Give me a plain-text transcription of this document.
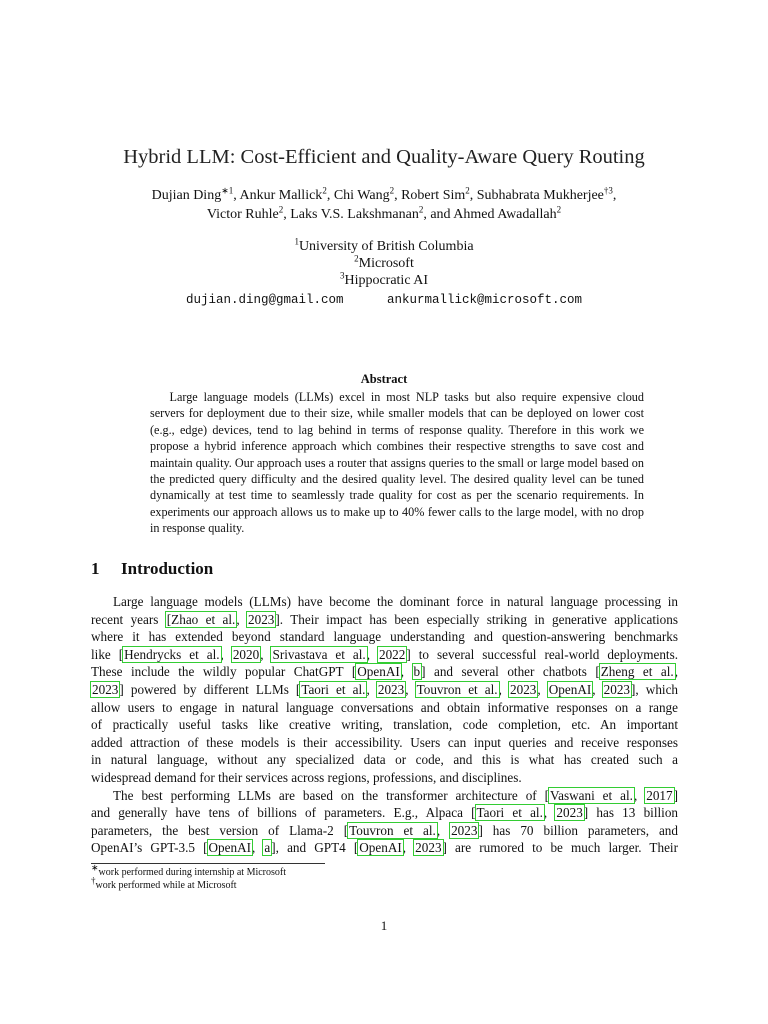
Hybrid LLM: Cost-Efficient and Quality-Aware Query Routing
Dujian Ding$^{∗1}$, Ankur Mallick$^2$, Chi Wang$^2$, Robert Sim$^2$, Subhabrata Mukherjee$^{\dagger 3}$,
Victor Ruhle$^2$, Laks V.S. Lakshmanan$^2$, and Ahmed Awadallah$^2$
$^1$University of British Columbia
$^2$Microsoft
$^3$Hippocratic AI
dujian.ding@gmail.com	ankurmallick@microsoft.com
Abstract

Large language models (LLMs) excel in most NLP tasks but also require expensive cloud servers for deployment due to their size, while smaller models that can be deployed on lower cost (e.g., edge) devices, tend to lag behind in terms of response quality. Therefore in this work we propose a hybrid inference approach which combines their respective strengths to save cost and maintain quality. Our approach uses a router that assigns queries to the small or large model based on the predicted query difficulty and the desired quality level. The desired quality level can be tuned dynamically at test time to seamlessly trade quality for cost as per the scenario requirements. In experiments our approach allows us to make up to 40% fewer calls to the large model, with no drop in response quality.

1 Introduction
Large language models (LLMs) have become the dominant force in natural language processing in
recent years [Zhao et al., 2023]. Their impact has been especially striking in generative applications
where it has extended beyond standard language understanding and question-answering benchmarks
like [Hendrycks et al., 2020, Srivastava et al., 2022] to several successful real-world deployments.
These include the wildly popular ChatGPT [OpenAI, b] and several other chatbots [Zheng et al.,
2023] powered by different LLMs [Taori et al., 2023, Touvron et al., 2023, OpenAI, 2023], which
allow users to engage in natural language conversations and obtain informative responses on a range
of practically useful tasks like creative writing, translation, code completion, etc. An important
added attraction of these models is their accessibility. Users can input queries and receive responses
in natural language, without any specialized data or code, and this is what has created such a
widespread demand for their services across regions, professions, and disciplines.
The best performing LLMs are based on the transformer architecture of [Vaswani et al., 2017]
and generally have tens of billions of parameters. E.g., Alpaca [Taori et al., 2023] has 13 billion
parameters, the best version of Llama-2 [Touvron et al., 2023] has 70 billion parameters, and
OpenAI’s GPT-3.5 [OpenAI, a], and GPT4 [OpenAI, 2023] are rumored to be much larger. Their
∗work performed during internship at Microsoft
†work performed while at Microsoft
1
